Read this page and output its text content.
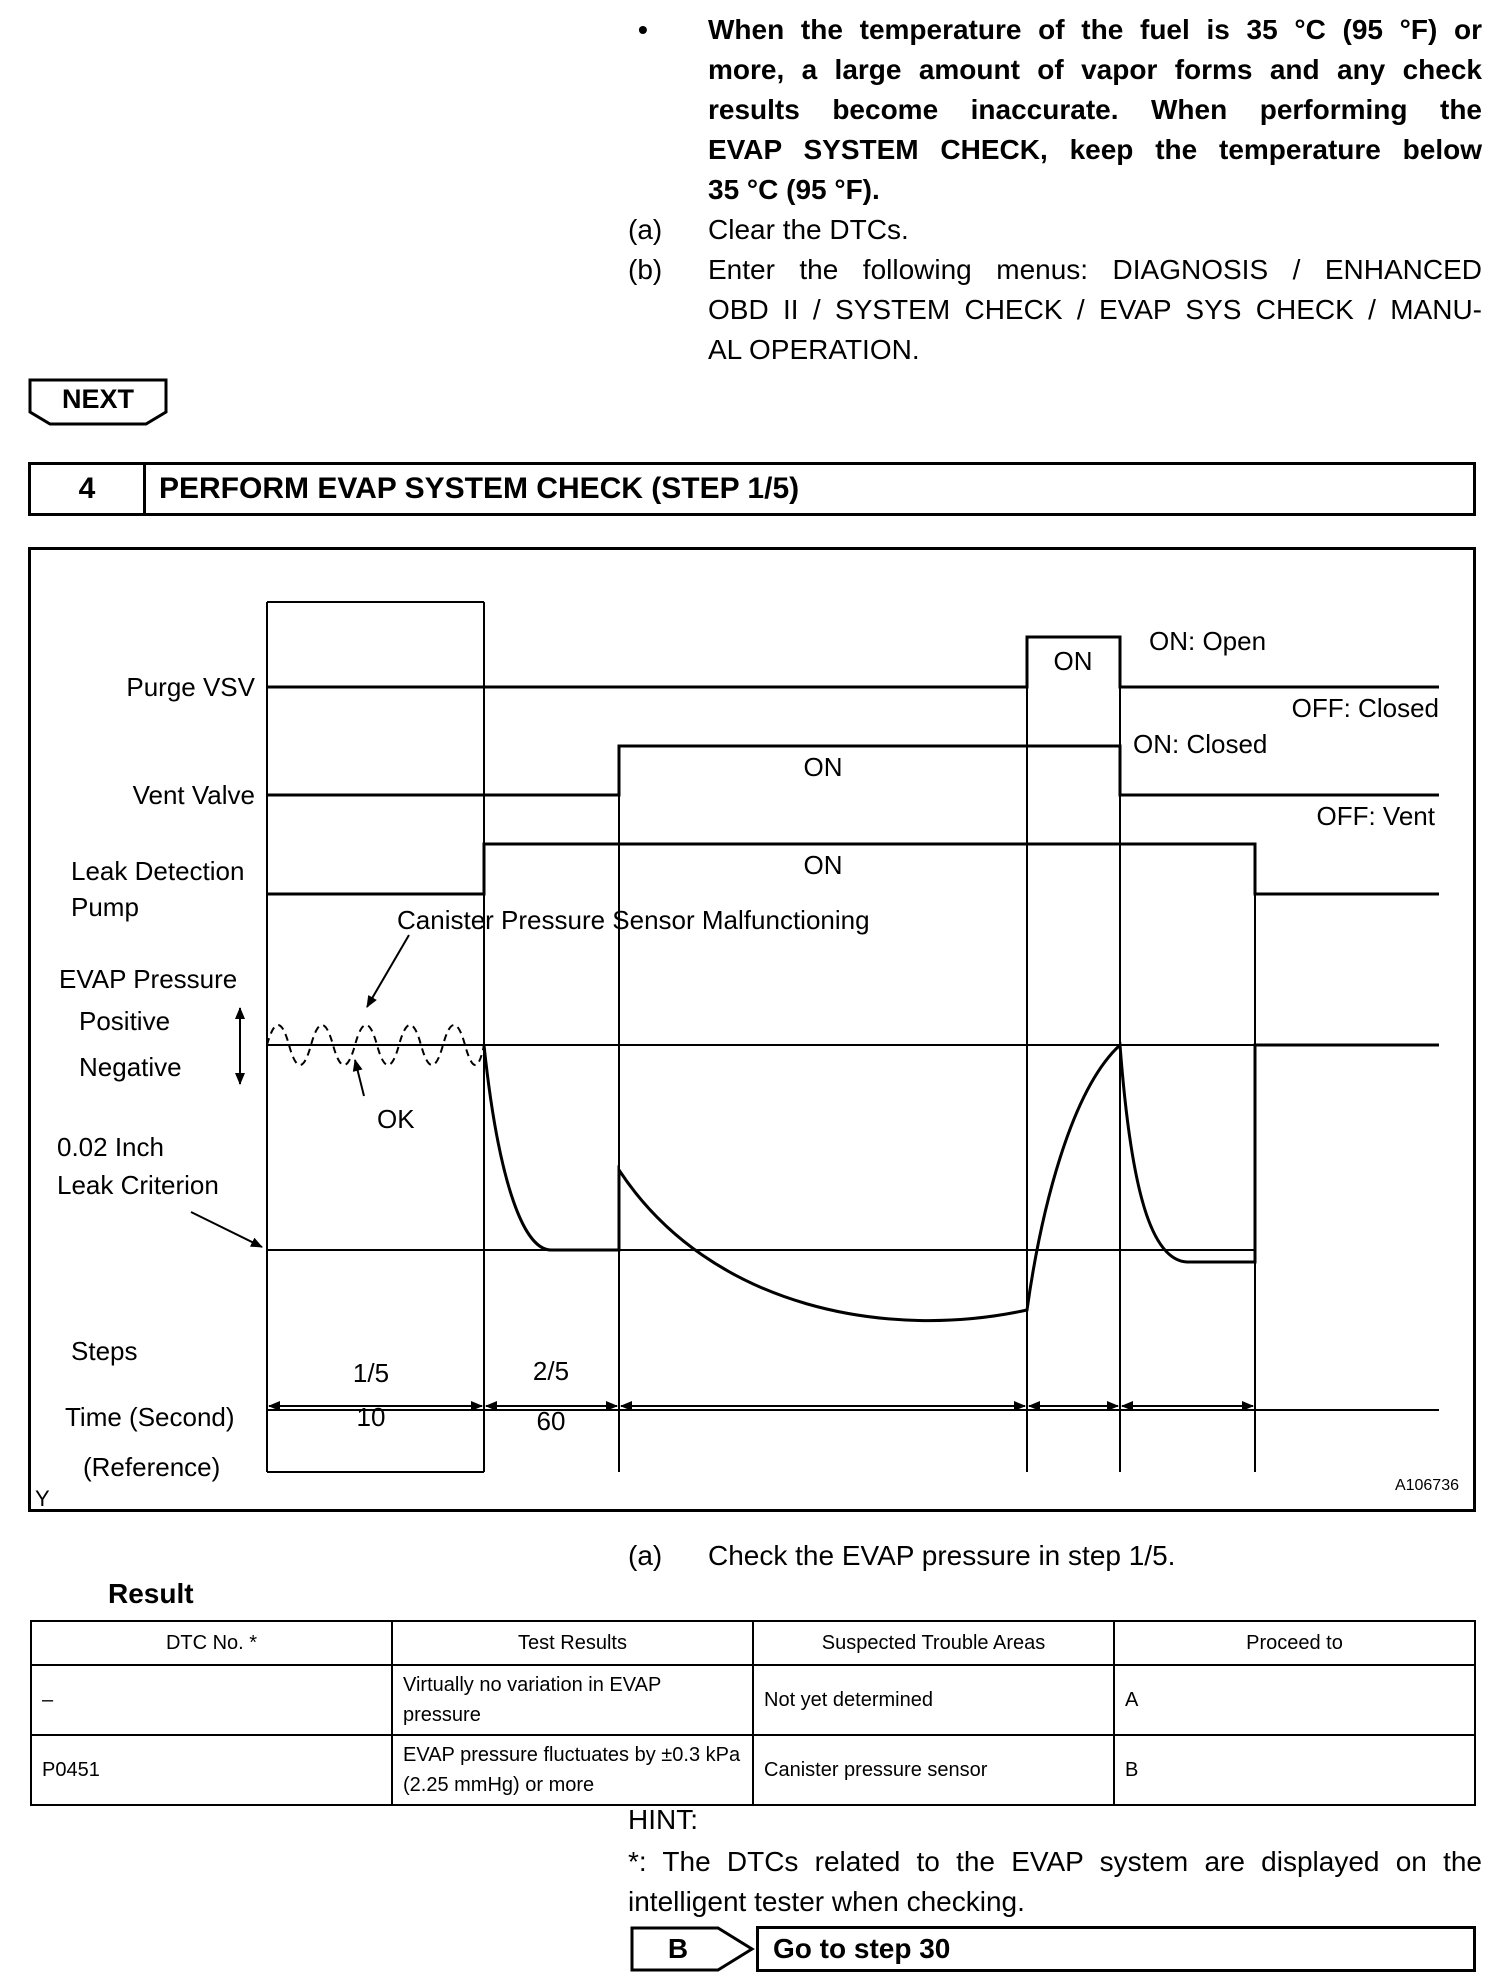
• When the temperature of the fuel is 35 °C (95 °F) or
more, a large amount of vapor forms and any check
results become inaccurate. When performing the
EVAP SYSTEM CHECK, keep the temperature below
35 °C (95 °F).
(a) Clear the DTCs.
(b) Enter the following menus: DIAGNOSIS / ENHANCED
OBD II / SYSTEM CHECK / EVAP SYS CHECK / MANU-
AL OPERATION.
NEXT
4	PERFORM EVAP SYSTEM CHECK (STEP 1/5)
Purge VSV
Vent Valve
Leak Detection
Pump
EVAP Pressure
Positive
Negative
0.02 Inch
Leak Criterion
Steps
Time (Second)
(Reference)
Y
A106736
ON
ON: Open
OFF: Closed
ON
ON: Closed
OFF: Vent
ON
Canister Pressure Sensor Malfunctioning
OK
1/5
10
2/5
60
(a) Check the EVAP pressure in step 1/5.
Result
DTC No. *	Test Results	Suspected Trouble Areas	Proceed to
–	Virtually no variation in EVAP pressure	Not yet determined	A
P0451	EVAP pressure fluctuates by ±0.3 kPa (2.25 mmHg) or more	Canister pressure sensor	B
HINT:
*: The DTCs related to the EVAP system are displayed on the
intelligent tester when checking.
B	Go to step 30
